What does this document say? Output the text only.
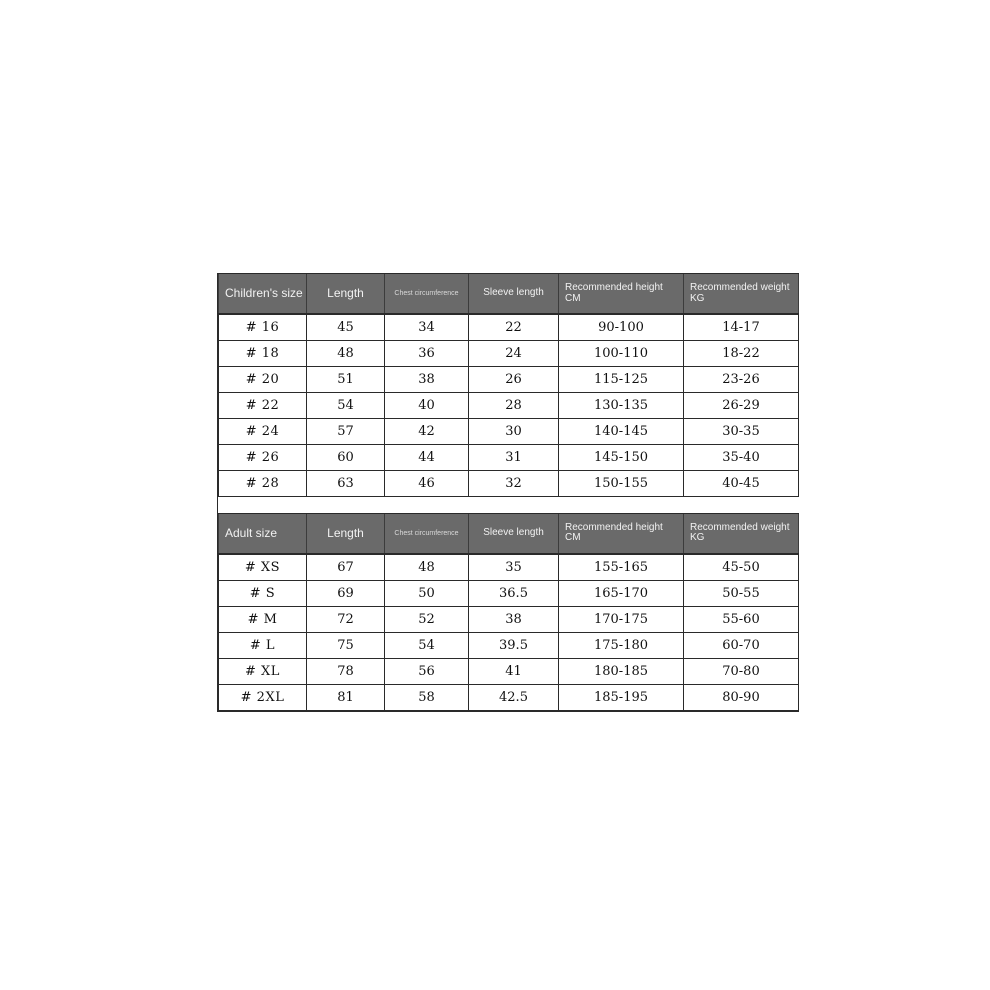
Children's size	Length	Chest circumference	Sleeve length	Recommended height CM	Recommended weight KG
# 16	45	34	22	90-100	14-17
# 18	48	36	24	100-110	18-22
# 20	51	38	26	115-125	23-26
# 22	54	40	28	130-135	26-29
# 24	57	42	30	140-145	30-35
# 26	60	44	31	145-150	35-40
# 28	63	46	32	150-155	40-45

Adult size	Length	Chest circumference	Sleeve length	Recommended height CM	Recommended weight KG
# XS	67	48	35	155-165	45-50
# S	69	50	36.5	165-170	50-55
# M	72	52	38	170-175	55-60
# L	75	54	39.5	175-180	60-70
# XL	78	56	41	180-185	70-80
# 2XL	81	58	42.5	185-195	80-90
